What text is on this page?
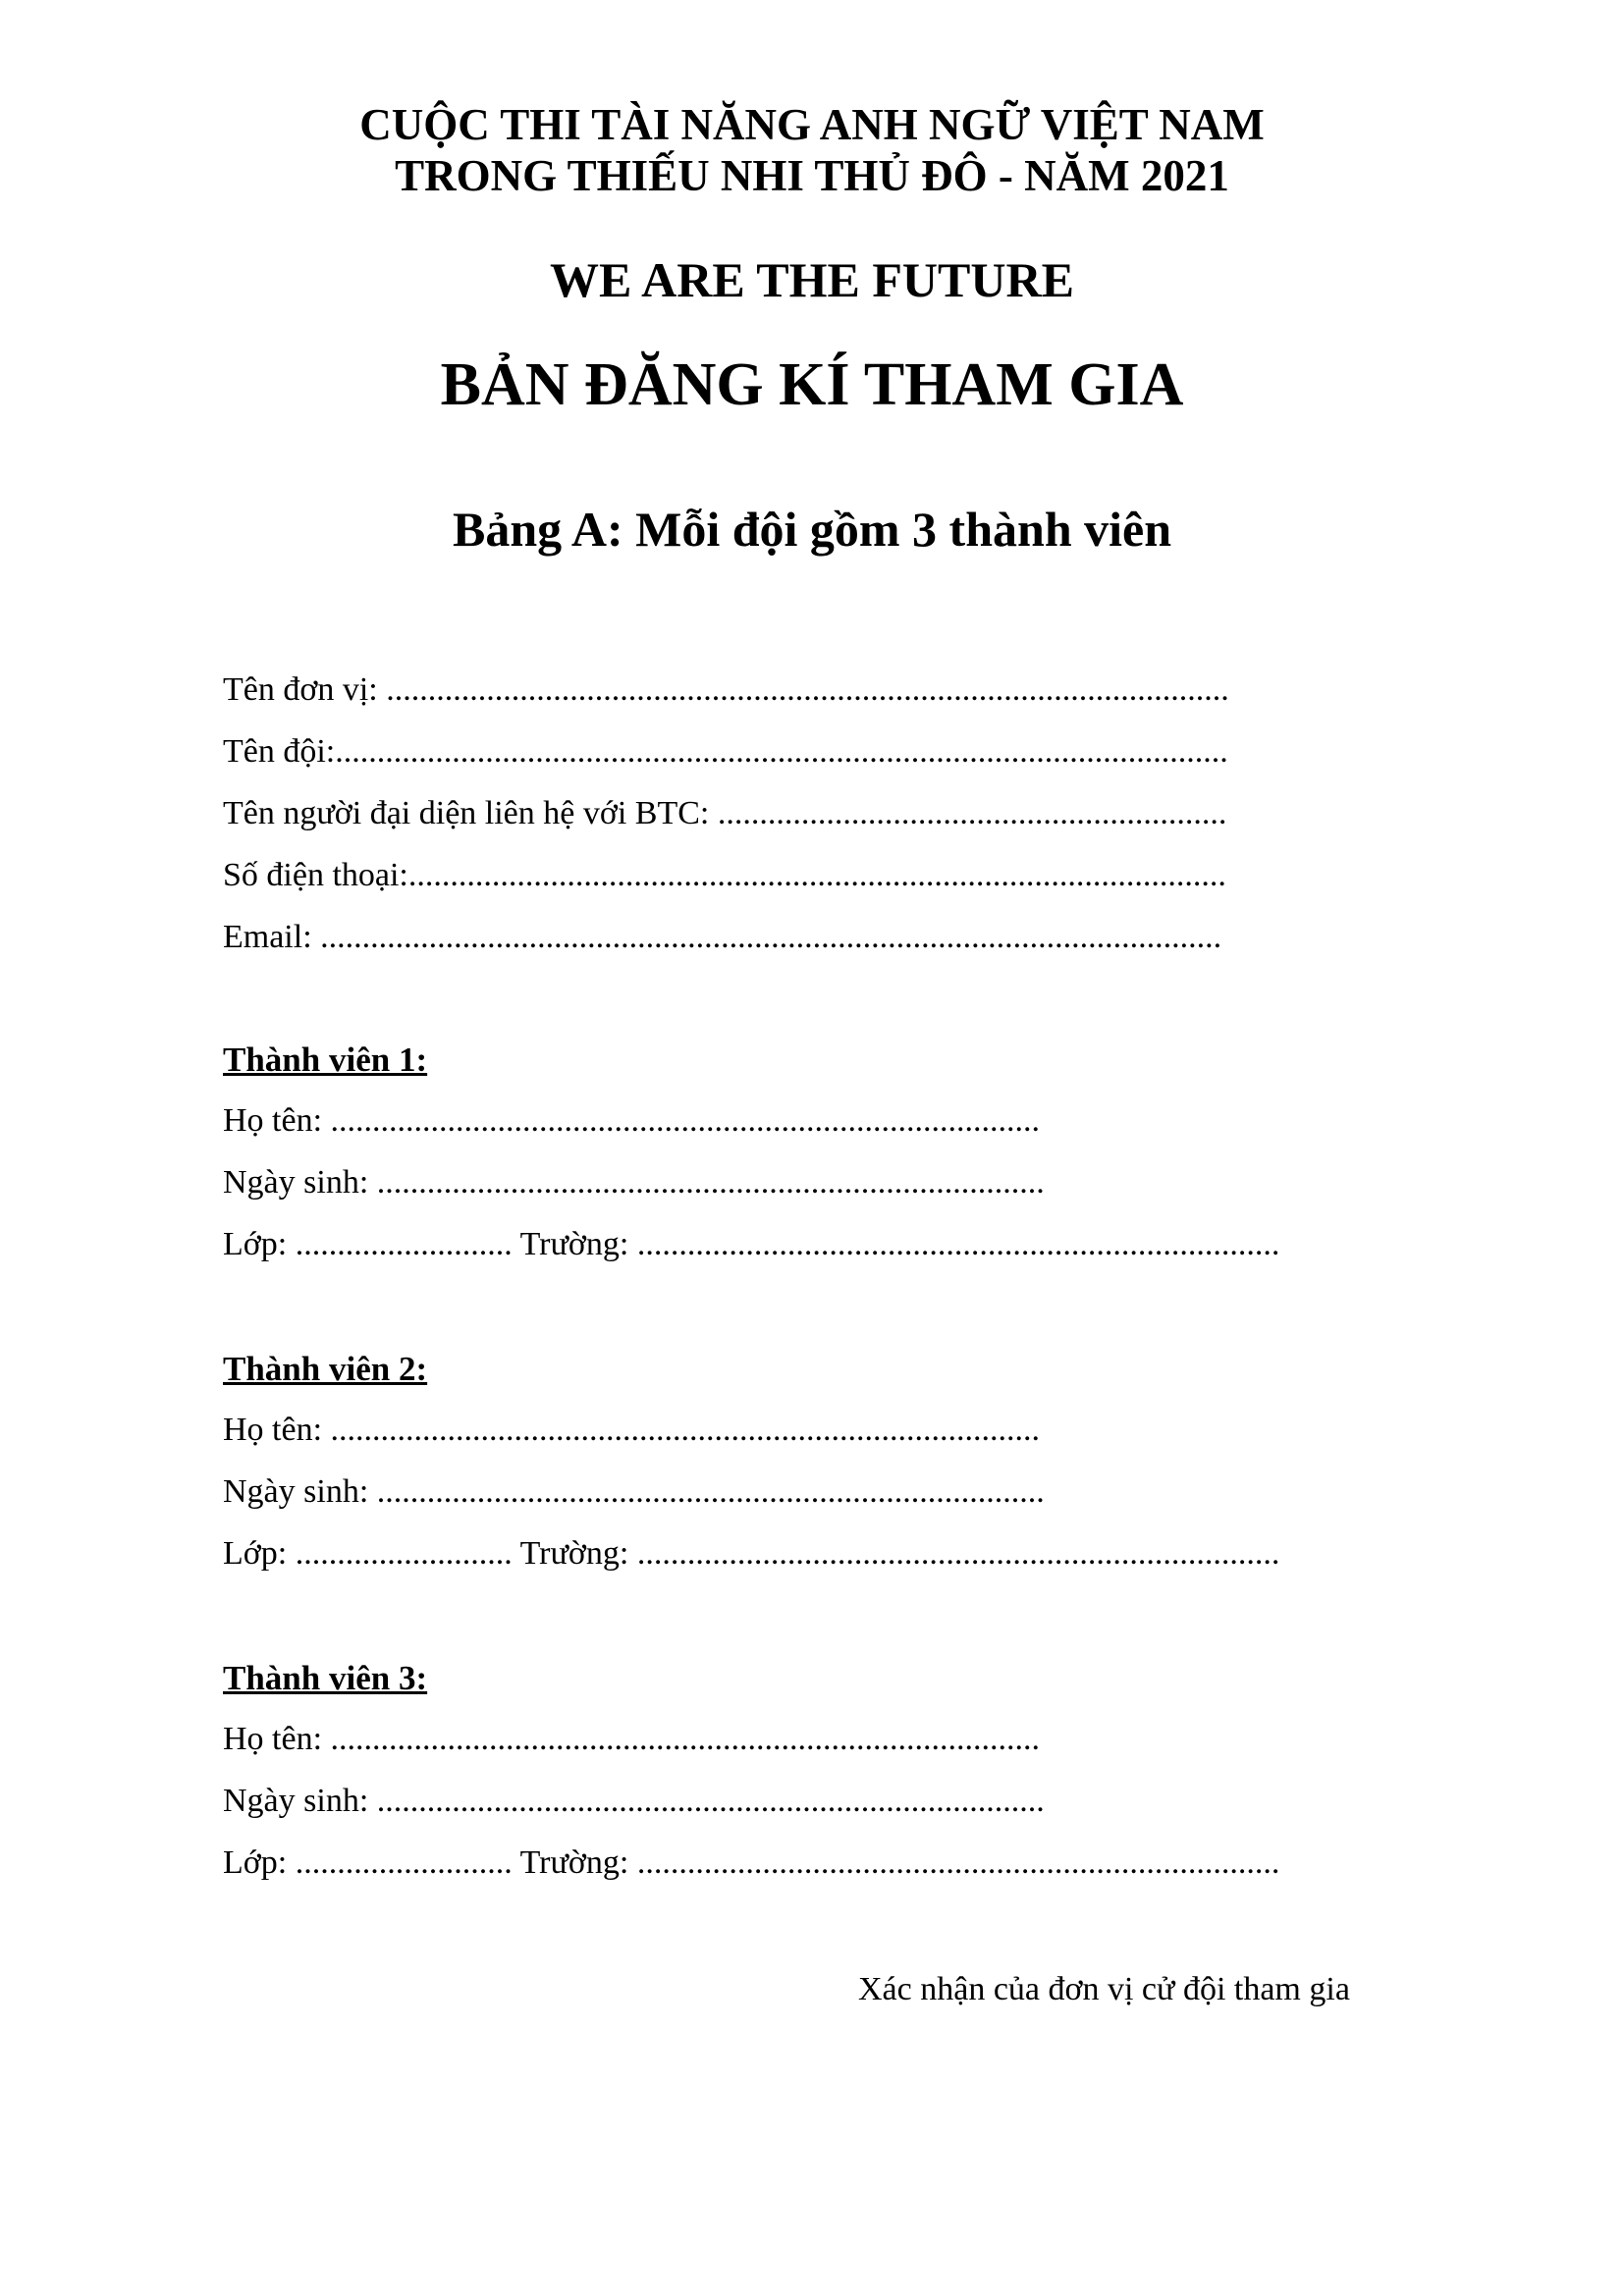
CUỘC THI TÀI NĂNG ANH NGỮ VIỆT NAM
TRONG THIẾU NHI THỦ ĐÔ - NĂM 2021
WE ARE THE FUTURE
BẢN ĐĂNG KÍ THAM GIA
Bảng A: Mỗi đội gồm 3 thành viên
Tên đơn vị: .....................................................................................................
Tên đội:...........................................................................................................
Tên người đại diện liên hệ với BTC: .............................................................
Số điện thoại:..................................................................................................
Email: ............................................................................................................
Thành viên 1:
Họ tên: .....................................................................................
Ngày sinh: ................................................................................
Lớp: .......................... Trường: .............................................................................
Thành viên 2:
Họ tên: .....................................................................................
Ngày sinh: ................................................................................
Lớp: .......................... Trường: .............................................................................
Thành viên 3:
Họ tên: .....................................................................................
Ngày sinh: ................................................................................
Lớp: .......................... Trường: .............................................................................
Xác nhận của đơn vị cử đội tham gia
